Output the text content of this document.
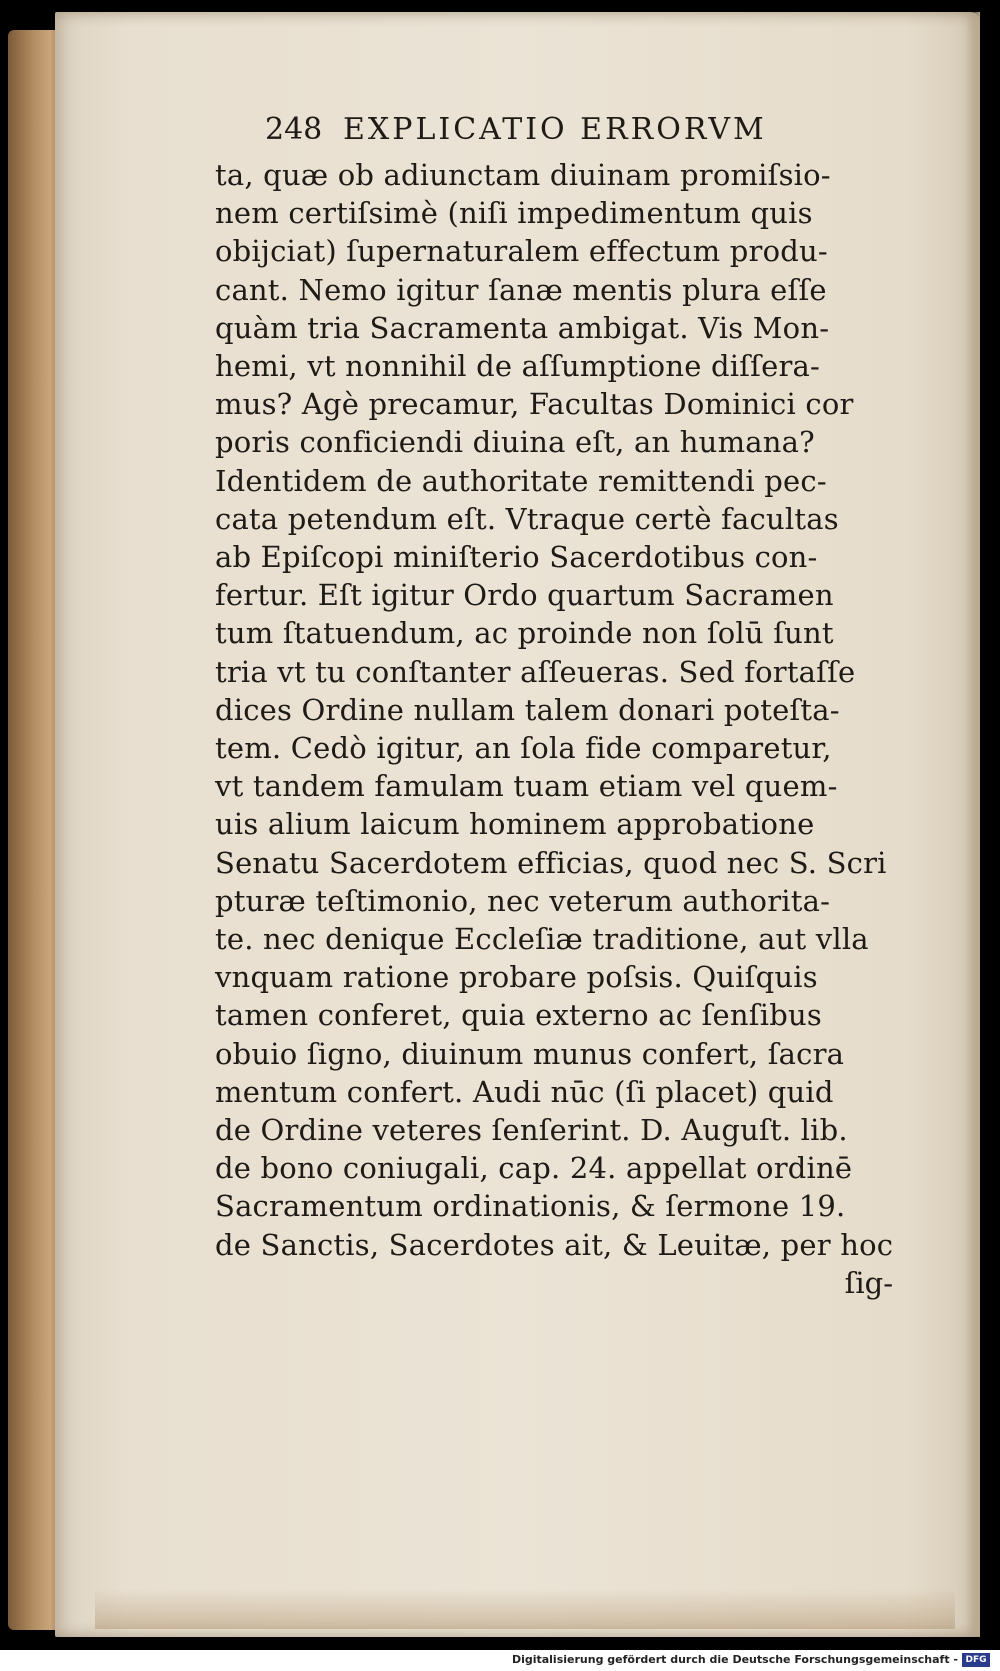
248 EXPLICATIO ERRORVM
ta, quæ ob adiunctam diuinam promiſsio-
nem certiſsimè (niſi impedimentum quis
obijciat) ſupernaturalem effectum produ-
cant. Nemo igitur ſanæ mentis plura eſſe
quàm tria Sacramenta ambigat. Vis Mon-
hemi, vt nonnihil de aſſumptione diſſera-
mus? Agè precamur, Facultas Dominici cor
poris conficiendi diuina eſt, an humana?
Identidem de authoritate remittendi pec-
cata petendum eſt. Vtraque certè facultas
ab Epiſcopi miniſterio Sacerdotibus con-
fertur. Eſt igitur Ordo quartum Sacramen
tum ſtatuendum, ac proinde non ſolū ſunt
tria vt tu conſtanter aſſeueras. Sed fortaſſe
dices Ordine nullam talem donari poteſta-
tem. Cedò igitur, an ſola fide comparetur,
vt tandem famulam tuam etiam vel quem-
uis alium laicum hominem approbatione
Senatu Sacerdotem efficias, quod nec S. Scri
pturæ teſtimonio, nec veterum authorita-
te. nec denique Eccleſiæ traditione, aut vlla
vnquam ratione probare poſsis. Quiſquis
tamen conferet, quia externo ac ſenſibus
obuio ſigno, diuinum munus confert, ſacra
mentum confert. Audi nūc (ſi placet) quid
de Ordine veteres ſenſerint. D. Auguſt. lib.
de bono coniugali, cap. 24. appellat ordinē
Sacramentum ordinationis, & ſermone 19.
de Sanctis, Sacerdotes ait, & Leuitæ, per hoc
ſig-
Digitalisierung gefördert durch die Deutsche Forschungsgemeinschaft - DFG
